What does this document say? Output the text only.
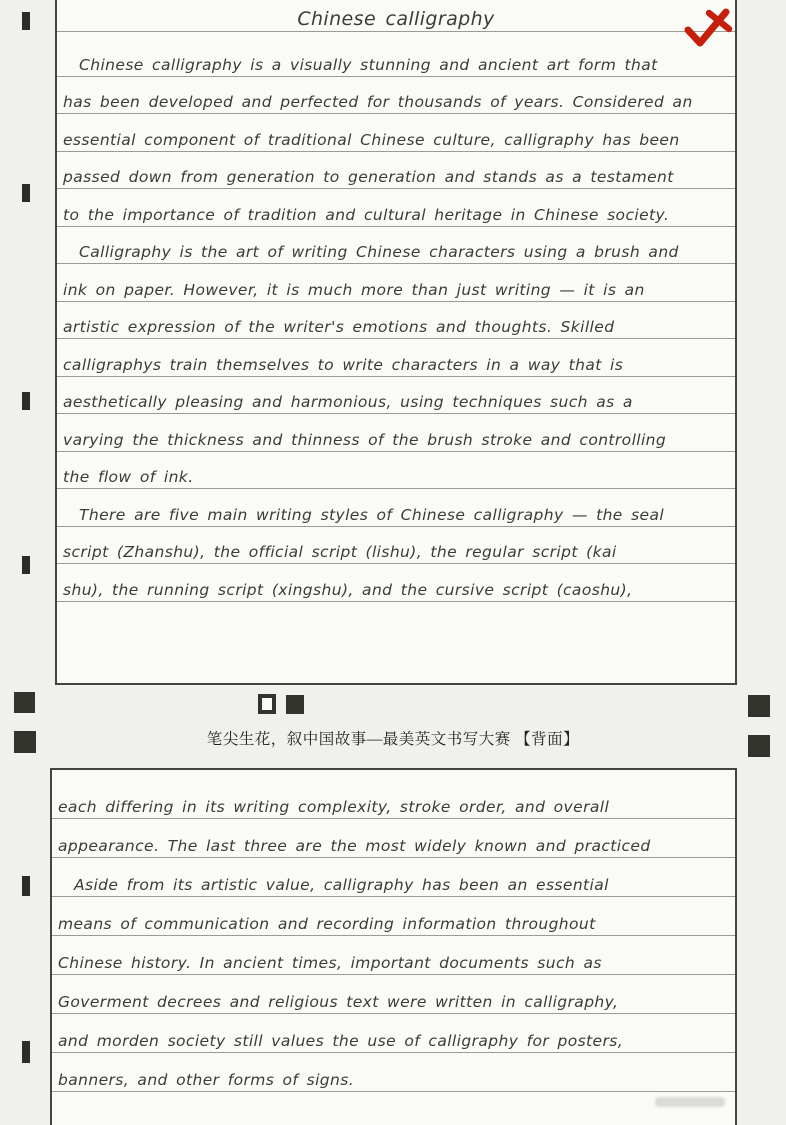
Chinese calligraphy
Chinese calligraphy is a visually stunning and ancient art form that
has been developed and perfected for thousands of years. Considered an
essential component of traditional Chinese culture, calligraphy has been
passed down from generation to generation and stands as a testament
to the importance of tradition and cultural heritage in Chinese society.
Calligraphy is the art of writing Chinese characters using a brush and
ink on paper. However, it is much more than just writing — it is an
artistic expression of the writer's emotions and thoughts. Skilled
calligraphys train themselves to write characters in a way that is
aesthetically pleasing and harmonious, using techniques such as a
varying the thickness and thinness of the brush stroke and controlling
the flow of ink.
There are five main writing styles of Chinese calligraphy — the seal
script (Zhanshu), the official script (lishu), the regular script (kai
shu), the running script (xingshu), and the cursive script (caoshu),
笔尖生花，叙中国故事—最美英文书写大赛 【背面】
each differing in its writing complexity, stroke order, and overall
appearance. The last three are the most widely known and practiced
Aside from its artistic value, calligraphy has been an essential
means of communication and recording information throughout
Chinese history. In ancient times, important documents such as
Goverment decrees and religious text were written in calligraphy,
and morden society still values the use of calligraphy for posters,
banners, and other forms of signs.
